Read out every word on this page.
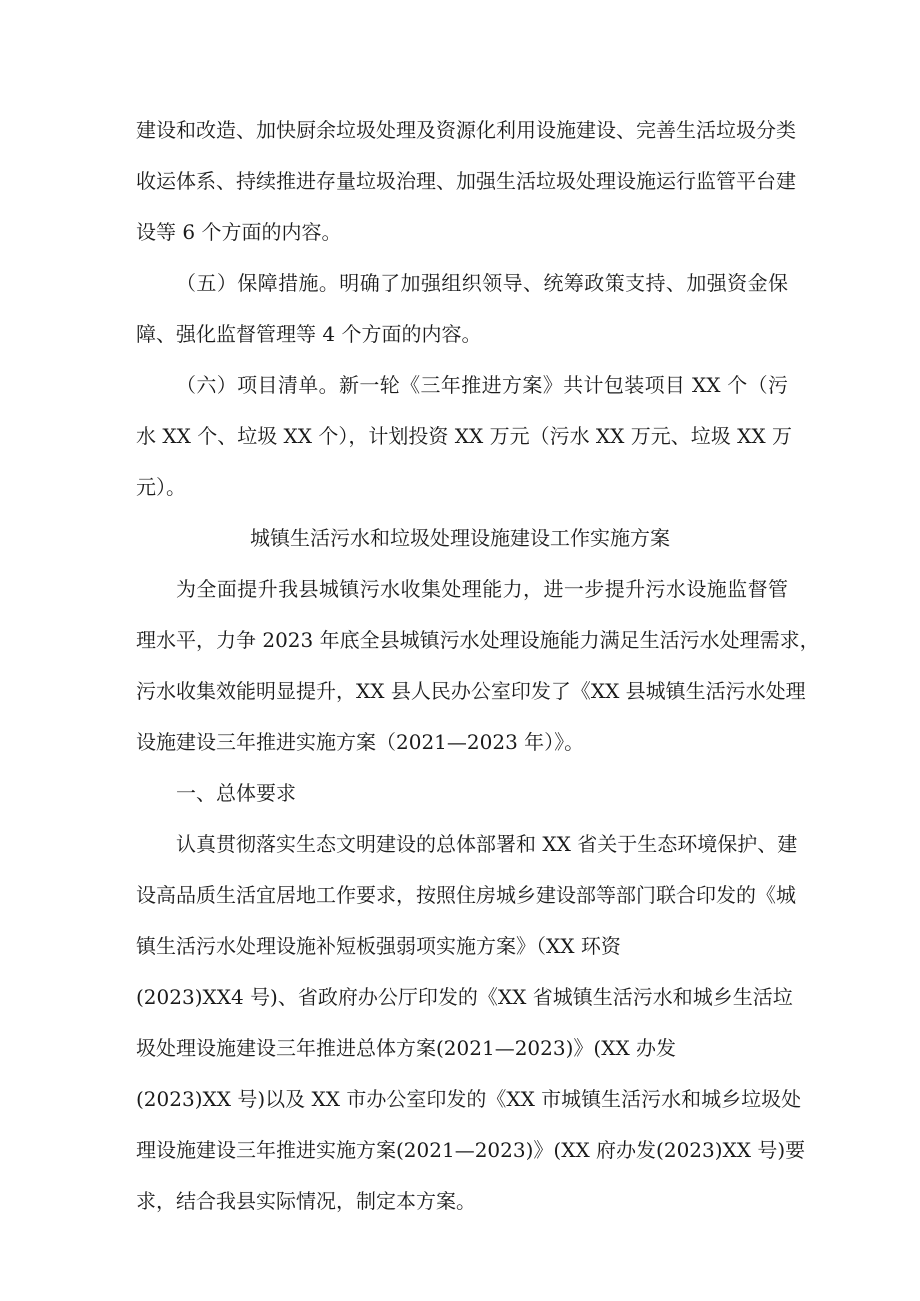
建设和改造、加快厨余垃圾处理及资源化利用设施建设、完善生活垃圾分类
收运体系、持续推进存量垃圾治理、加强生活垃圾处理设施运行监管平台建
设等 6 个方面的内容。
（五）保障措施。明确了加强组织领导、统筹政策支持、加强资金保
障、强化监督管理等 4 个方面的内容。
（六）项目清单。新一轮《三年推进方案》共计包装项目 XX 个（污
水 XX 个、垃圾 XX 个），计划投资 XX 万元（污水 XX 万元、垃圾 XX 万
元）。
城镇生活污水和垃圾处理设施建设工作实施方案
为全面提升我县城镇污水收集处理能力，进一步提升污水设施监督管
理水平，力争 2023 年底全县城镇污水处理设施能力满足生活污水处理需求，
污水收集效能明显提升，XX 县人民办公室印发了《XX 县城镇生活污水处理
设施建设三年推进实施方案（2021—2023 年）》。
一、总体要求
认真贯彻落实生态文明建设的总体部署和 XX 省关于生态环境保护、建
设高品质生活宜居地工作要求，按照住房城乡建设部等部门联合印发的《城
镇生活污水处理设施补短板强弱项实施方案》（XX 环资
(2023)XX4 号)、省政府办公厅印发的《XX 省城镇生活污水和城乡生活垃
圾处理设施建设三年推进总体方案(2021—2023)》(XX 办发
(2023)XX 号)以及 XX 市办公室印发的《XX 市城镇生活污水和城乡垃圾处
理设施建设三年推进实施方案(2021—2023)》(XX 府办发(2023)XX 号)要
求，结合我县实际情况，制定本方案。
